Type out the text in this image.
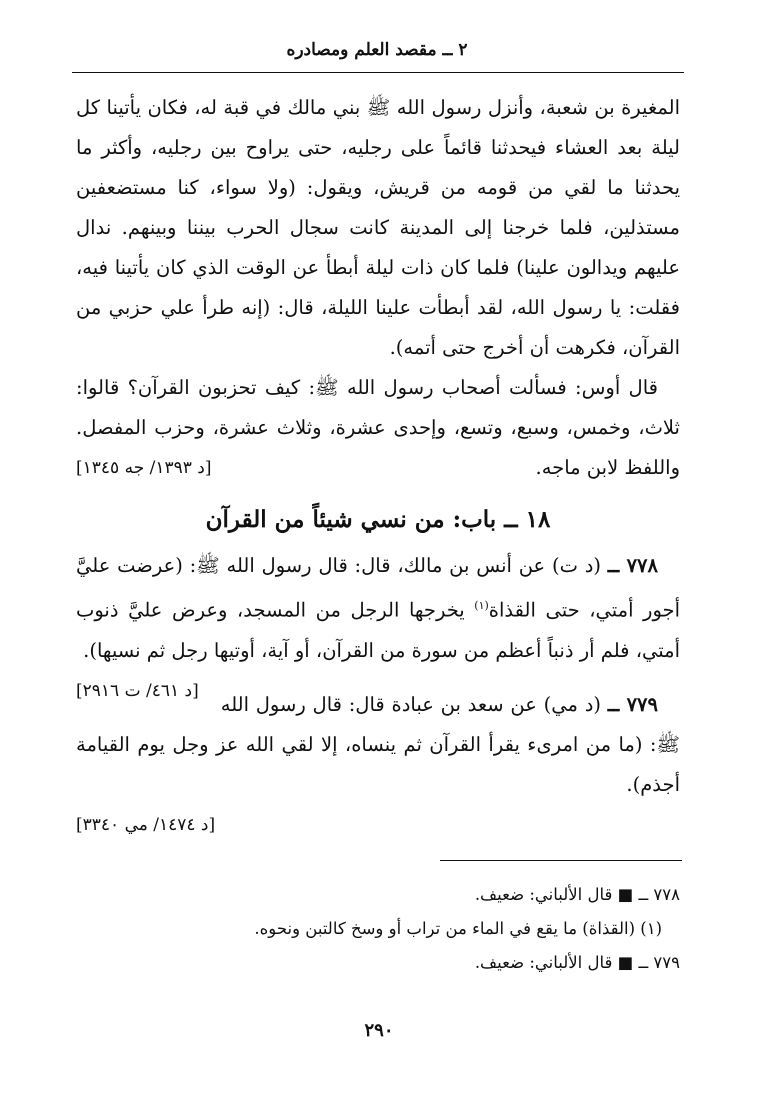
٢ ــ مقصد العلم ومصادره

المغيرة بن شعبة، وأنزل رسول الله ﷺ بني مالك في قبة له، فكان يأتينا كل ليلة بعد العشاء فيحدثنا قائماً على رجليه، حتى يراوح بين رجليه، وأكثر ما يحدثنا ما لقي من قومه من قريش، ويقول: (ولا سواء، كنا مستضعفين مستذلين، فلما خرجنا إلى المدينة كانت سجال الحرب بيننا وبينهم. ندال عليهم ويدالون علينا) فلما كان ذات ليلة أبطأ عن الوقت الذي كان يأتينا فيه، فقلت: يا رسول الله، لقد أبطأت علينا الليلة، قال: (إنه طرأ علي حزبي من القرآن، فكرهت أن أخرج حتى أتمه).

قال أوس: فسألت أصحاب رسول الله ﷺ: كيف تحزبون القرآن؟ قالوا: ثلاث، وخمس، وسبع، وتسع، وإحدى عشرة، وثلاث عشرة، وحزب المفصل. واللفظ لابن ماجه.
[د ١٣٩٣/ جه ١٣٤٥]

١٨ ــ باب: من نسي شيئاً من القرآن

٧٧٨ ــ (د ت) عن أنس بن مالك، قال: قال رسول الله ﷺ: (عرضت عليَّ أجور أمتي، حتى القذاة$^{(١)}$ يخرجها الرجل من المسجد، وعرض عليَّ ذنوب أمتي، فلم أر ذنباً أعظم من سورة من القرآن، أو آية، أوتيها رجل ثم نسيها).
[د ٤٦١/ ت ٢٩١٦]

٧٧٩ ــ (د مي) عن سعد بن عبادة قال: قال رسول الله ﷺ: (ما من امرىء يقرأ القرآن ثم ينساه، إلا لقي الله عز وجل يوم القيامة أجذم).

[د ١٤٧٤/ مي ٣٣٤٠]

٧٧٨ ــ ■ قال الألباني: ضعيف.

(١) (القذاة) ما يقع في الماء من تراب أو وسخ كالتبن ونحوه.

٧٧٩ ــ ■ قال الألباني: ضعيف.

٢٩٠
